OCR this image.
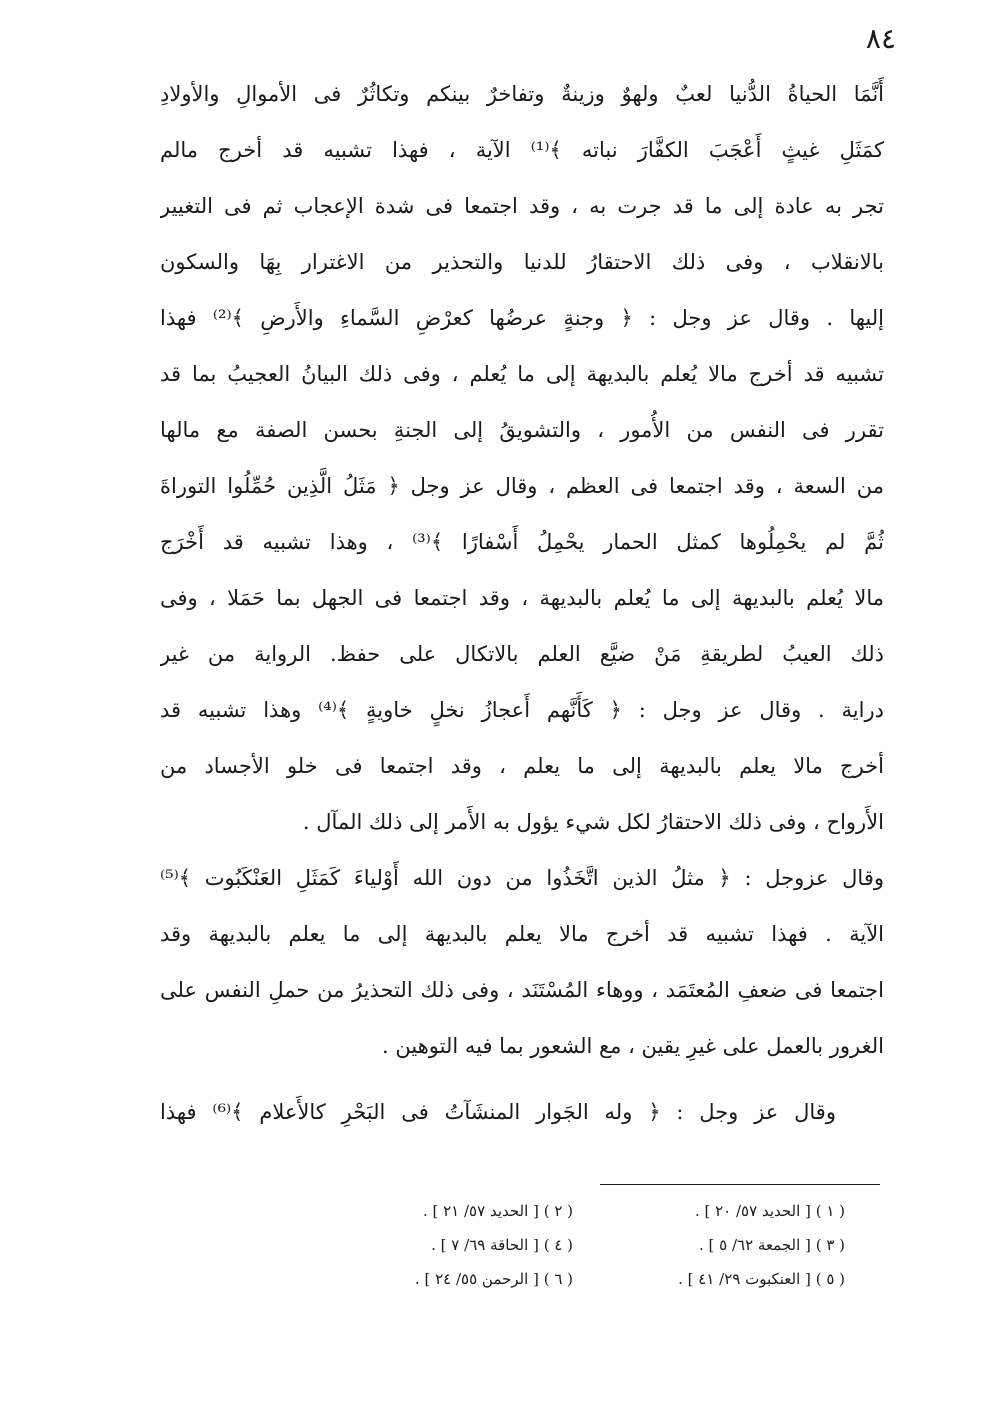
٨٤
أَنَّمَا الحياةُ الدُّنيا لعبٌ ولهوٌ وزينةٌ وتفاخرٌ بينكم وتكاثُرٌ فى الأموالِ والأولادِ
كمَثَلِ غيثٍ أَعْجَبَ الكفَّارَ نباته ﴾⁽¹⁾ الآية ، فهذا تشبيه قد أخرج مالم
تجر به عادة إلى ما قد جرت به ، وقد اجتمعا فى شدة الإعجاب ثم فى التغيير
بالانقلاب ، وفى ذلك الاحتقارُ للدنيا والتحذير من الاغترار بِهَا والسكون
إليها . وقال عز وجل : ﴿ وجنةٍ عرضُها كعرْضِ السَّماءِ والأَرضِ ﴾⁽²⁾ فهذا
تشبيه قد أخرج مالا يُعلم بالبديهة إلى ما يُعلم ، وفى ذلك البيانُ العجيبُ بما قد
تقرر فى النفس من الأُمور ، والتشويقُ إلى الجنةِ بحسن الصفة مع مالها
من السعة ، وقد اجتمعا فى العظم ، وقال عز وجل ﴿ مَثَلُ الَّذِين حُمِّلُوا التوراةَ
ثُمَّ لم يحْمِلُوها كمثل الحمار يحْمِلُ أَسْفارًا ﴾⁽³⁾ ، وهذا تشبيه قد أَخْرَج
مالا يُعلم بالبديهة إلى ما يُعلم بالبديهة ، وقد اجتمعا فى الجهل بما حَمَلا ، وفى
ذلك العيبُ لطريقةِ مَنْ ضيَّع العلم بالاتكال على حفظ. الرواية من غير
دراية . وقال عز وجل : ﴿ كَأَنَّهم أَعجازُ نخلٍ خاويةٍ ﴾⁽⁴⁾ وهذا تشبيه قد
أخرج مالا يعلم بالبديهة إلى ما يعلم ، وقد اجتمعا فى خلو الأجساد من
الأَرواح ، وفى ذلك الاحتقارُ لكل شيء يؤول به الأَمر إلى ذلك المآل .
وقال عزوجل : ﴿ مثلُ الذين اتَّخَذُوا من دون الله أَوْلياءَ كَمَثَلِ العَنْكَبُوت ﴾⁽⁵⁾
الآية . فهذا تشبيه قد أخرج مالا يعلم بالبديهة إلى ما يعلم بالبديهة وقد
اجتمعا فى ضعفِ المُعتَمَد ، ووهاء المُسْتَنَد ، وفى ذلك التحذيرُ من حملِ النفس على
الغرور بالعمل على غيرِ يقين ، مع الشعور بما فيه التوهين .
وقال عز وجل : ﴿ وله الجَوار المنشَآتُ فى البَحْرِ كالأَعلام ﴾⁽⁶⁾ فهذا
( ١ ) [ الحديد ٥٧/ ٢٠ ] .
( ٢ ) [ الحديد ٥٧/ ٢١ ] .
( ٣ ) [ الجمعة ٦٢/ ٥ ] .
( ٤ ) [ الحاقة ٦٩/ ٧ ] .
( ٥ ) [ العنكبوت ٢٩/ ٤١ ] .
( ٦ ) [ الرحمن ٥٥/ ٢٤ ] .
